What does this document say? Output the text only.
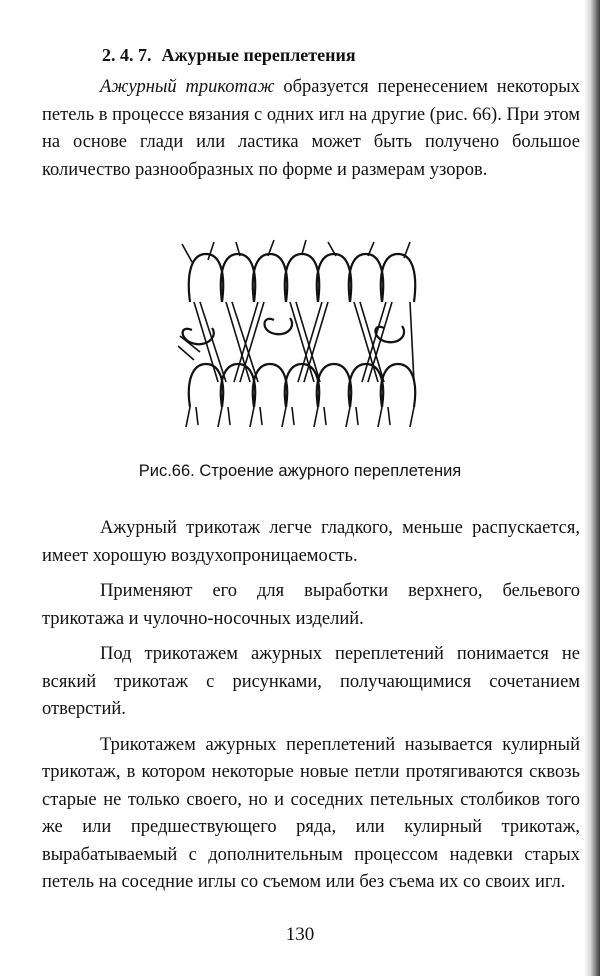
2. 4. 7. Ажурные переплетения
Ажурный трикотаж образуется перенесением некоторых петель в процессе вязания с одних игл на другие (рис. 66). При этом на основе глади или ластика может быть получено большое количество разнообразных по форме и размерам узоров.
Рис.66. Строение ажурного переплетения

Ажурный трикотаж легче гладкого, меньше распускается, имеет хорошую воздухопроницаемость.

Применяют его для выработки верхнего, бельевого трикотажа и чулочно-носочных изделий.

Под трикотажем ажурных переплетений понимается не всякий трикотаж с рисунками, получающимися сочетанием отверстий.

Трикотажем ажурных переплетений называется кулирный трикотаж, в котором некоторые новые петли протягиваются сквозь старые не только своего, но и соседних петельных столбиков того же или предшествующего ряда, или кулирный трикотаж, вырабатываемый с дополнительным процессом надевки старых петель на соседние иглы со съемом или без съема их со своих игл.

130
